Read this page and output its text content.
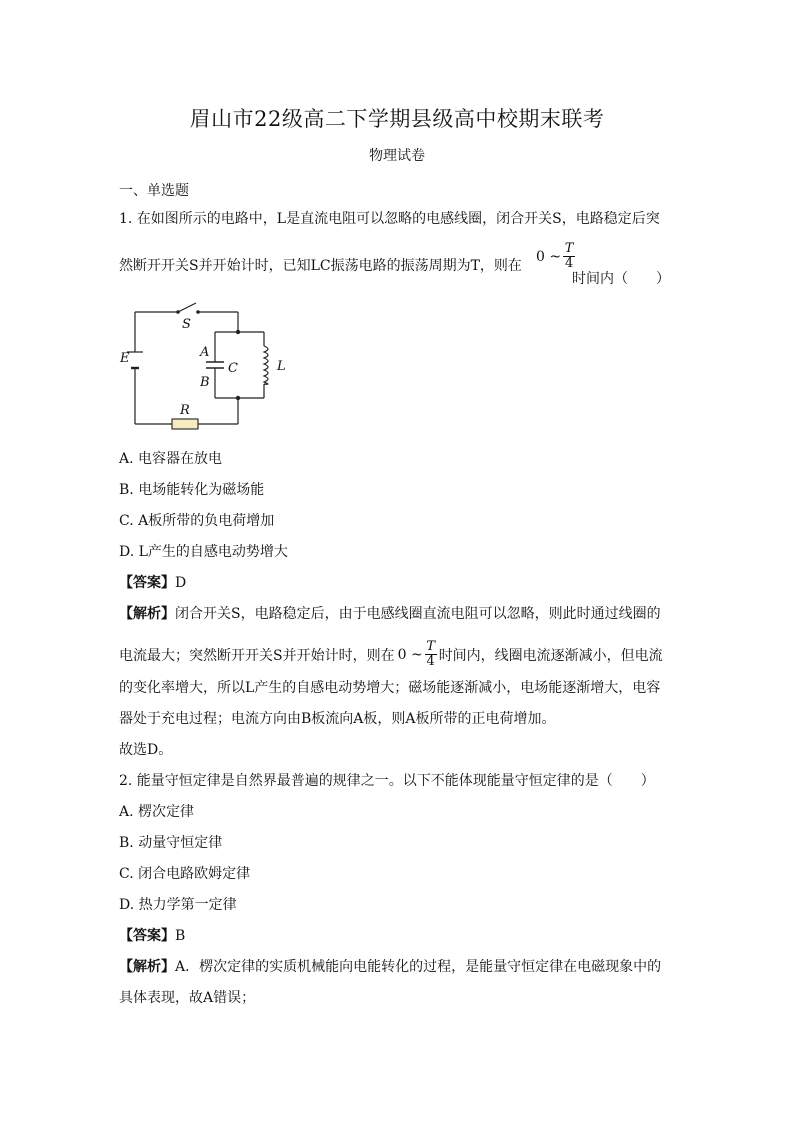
眉山市22级高二下学期县级高中校期末联考
物理试卷
一、单选题
1. 在如图所示的电路中，L是直流电阻可以忽略的电感线圈，闭合开关S，电路稳定后突
然断开开关S并开始计时，已知LC振荡电路的振荡周期为T，则在
0 ~ $\frac{T}{4}$
时间内（　　）
E
S
A
B
C	L
R
A. 电容器在放电
B. 电场能转化为磁场能
C. A板所带的负电荷增加
D. L产生的自感电动势增大
【答案】D
【解析】闭合开关S，电路稳定后，由于电感线圈直流电阻可以忽略，则此时通过线圈的
电流最大；突然断开开关S并开始计时，则在 0 ~ $\frac{T}{4}$ 时间内，线圈电流逐渐减小，但电流
的变化率增大，所以L产生的自感电动势增大；磁场能逐渐减小，电场能逐渐增大，电容
器处于充电过程；电流方向由B板流向A板，则A板所带的正电荷增加。
故选D。
2. 能量守恒定律是自然界最普遍的规律之一。以下不能体现能量守恒定律的是（　　）
A. 楞次定律
B. 动量守恒定律
C. 闭合电路欧姆定律
D. 热力学第一定律
【答案】B
【解析】A．楞次定律的实质机械能向电能转化的过程，是能量守恒定律在电磁现象中的
具体表现，故A错误；
